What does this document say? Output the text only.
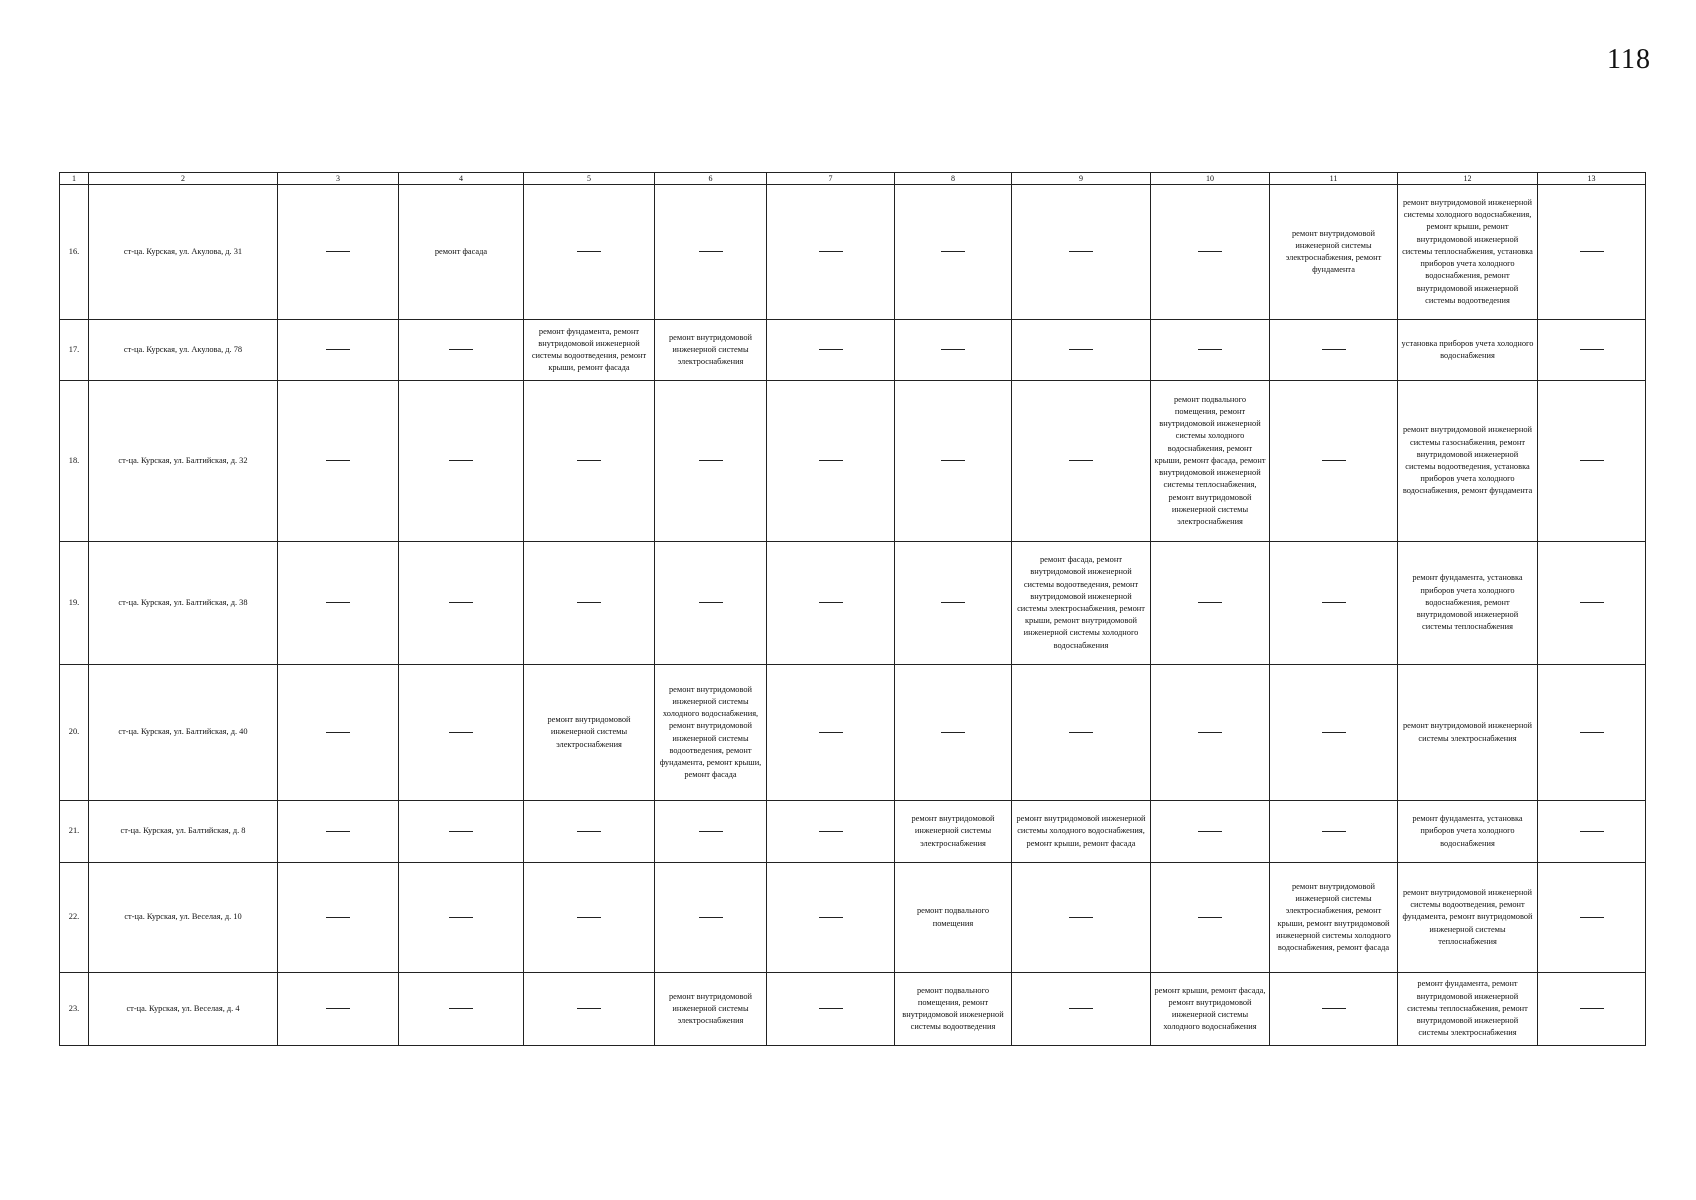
118
1	2	3	4	5	6	7	8	9	10	11	12	13
16.	ст-ца. Курская, ул. Акулова, д. 31		ремонт фасада							ремонт внутридомовой инженерной системы электроснабжения, ремонт фундамента	ремонт внутридомовой инженерной системы холодного водоснабжения, ремонт крыши, ремонт внутридомовой инженерной системы теплоснабжения, установка приборов учета холодного водоснабжения, ремонт внутридомовой инженерной системы водоотведения	
17.	ст-ца. Курская, ул. Акулова, д. 78			ремонт фундамента, ремонт внутридомовой инженерной системы водоотведения, ремонт крыши, ремонт фасада	ремонт внутридомовой инженерной системы электроснабжения						установка приборов учета холодного водоснабжения	
18.	ст-ца. Курская, ул. Балтийская, д. 32								ремонт подвального помещения, ремонт внутридомовой инженерной системы холодного водоснабжения, ремонт крыши, ремонт фасада, ремонт внутридомовой инженерной системы теплоснабжения, ремонт внутридомовой инженерной системы электроснабжения		ремонт внутридомовой инженерной системы газоснабжения, ремонт внутридомовой инженерной системы водоотведения, установка приборов учета холодного водоснабжения, ремонт фундамента	
19.	ст-ца. Курская, ул. Балтийская, д. 38							ремонт фасада, ремонт внутридомовой инженерной системы водоотведения, ремонт внутридомовой инженерной системы электроснабжения, ремонт крыши, ремонт внутридомовой инженерной системы холодного водоснабжения			ремонт фундамента, установка приборов учета холодного водоснабжения, ремонт внутридомовой инженерной системы теплоснабжения	
20.	ст-ца. Курская, ул. Балтийская, д. 40			ремонт внутридомовой инженерной системы электроснабжения	ремонт внутридомовой инженерной системы холодного водоснабжения, ремонт внутридомовой инженерной системы водоотведения, ремонт фундамента, ремонт крыши, ремонт фасада						ремонт внутридомовой инженерной системы электроснабжения	
21.	ст-ца. Курская, ул. Балтийская, д. 8						ремонт внутридомовой инженерной системы электроснабжения	ремонт внутридомовой инженерной системы холодного водоснабжения, ремонт крыши, ремонт фасада			ремонт фундамента, установка приборов учета холодного водоснабжения	
22.	ст-ца. Курская, ул. Веселая, д. 10						ремонт подвального помещения			ремонт внутридомовой инженерной системы электроснабжения, ремонт крыши, ремонт внутридомовой инженерной системы холодного водоснабжения, ремонт фасада	ремонт внутридомовой инженерной системы водоотведения, ремонт фундамента, ремонт внутридомовой инженерной системы теплоснабжения	
23.	ст-ца. Курская, ул. Веселая, д. 4				ремонт внутридомовой инженерной системы электроснабжения		ремонт подвального помещения, ремонт внутридомовой инженерной системы водоотведения		ремонт крыши, ремонт фасада, ремонт внутридомовой инженерной системы холодного водоснабжения		ремонт фундамента, ремонт внутридомовой инженерной системы теплоснабжения, ремонт внутридомовой инженерной системы электроснабжения	
